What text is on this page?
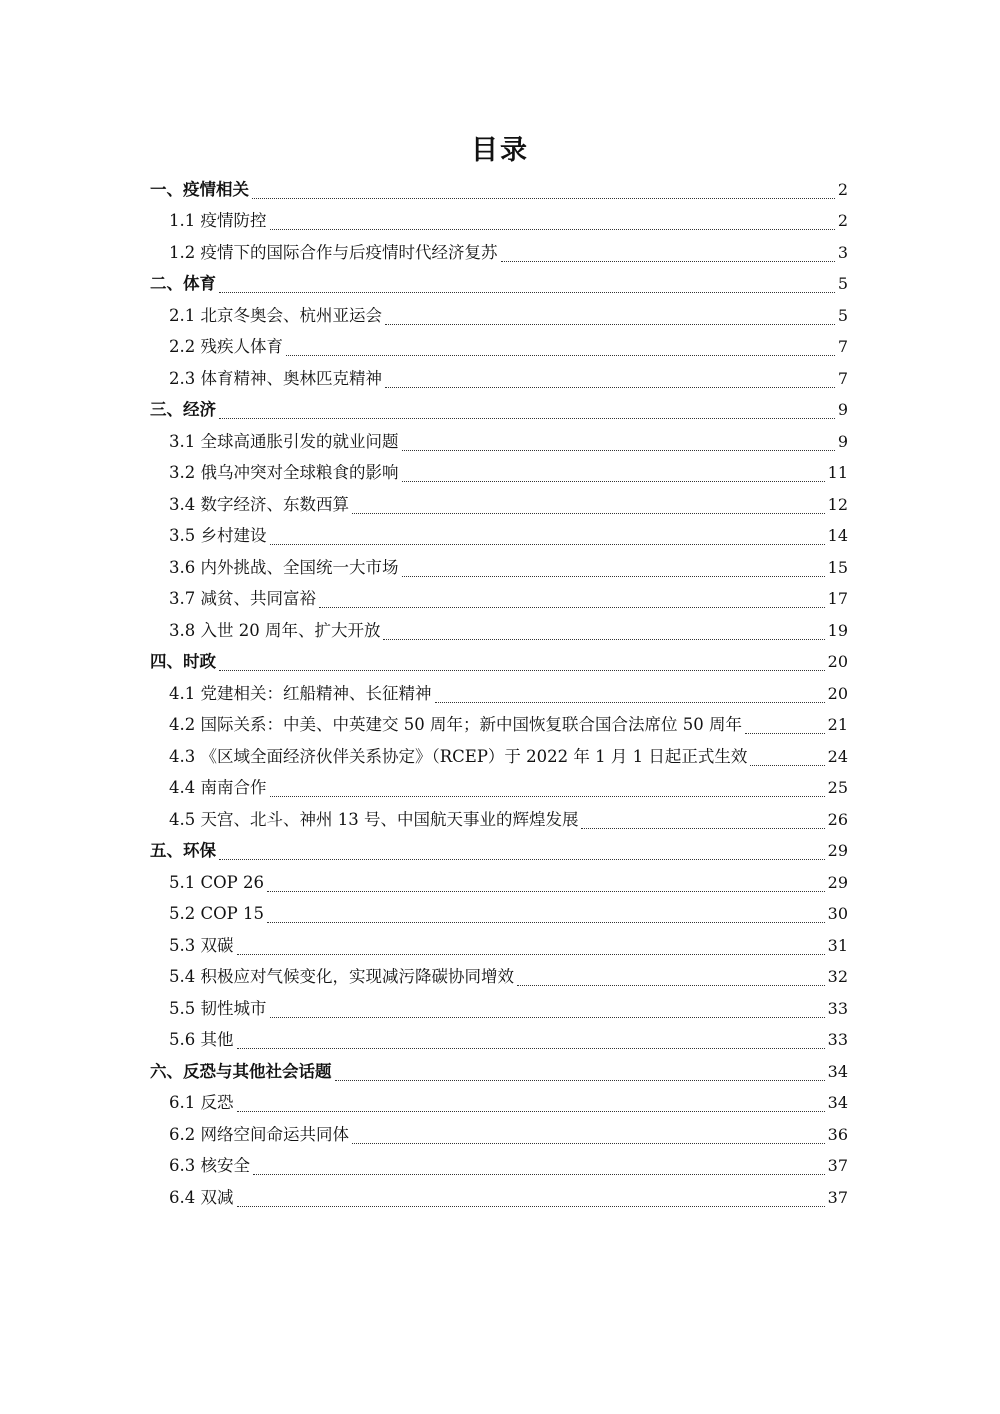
目录
一、疫情相关	2
1.1 疫情防控	2
1.2 疫情下的国际合作与后疫情时代经济复苏	3
二、体育	5
2.1 北京冬奥会、杭州亚运会	5
2.2 残疾人体育	7
2.3 体育精神、奥林匹克精神	7
三、经济	9
3.1 全球高通胀引发的就业问题	9
3.2 俄乌冲突对全球粮食的影响	11
3.4 数字经济、东数西算	12
3.5 乡村建设	14
3.6 内外挑战、全国统一大市场	15
3.7 减贫、共同富裕	17
3.8 入世 20 周年、扩大开放	19
四、时政	20
4.1 党建相关：红船精神、长征精神	20
4.2 国际关系：中美、中英建交 50 周年；新中国恢复联合国合法席位 50 周年	21
4.3 《区域全面经济伙伴关系协定》（RCEP）于 2022 年 1 月 1 日起正式生效	24
4.4 南南合作	25
4.5 天宫、北斗、神州 13 号、中国航天事业的辉煌发展	26
五、环保	29
5.1 COP 26	29
5.2 COP 15	30
5.3 双碳	31
5.4 积极应对气候变化，实现减污降碳协同增效	32
5.5 韧性城市	33
5.6 其他	33
六、反恐与其他社会话题	34
6.1 反恐	34
6.2 网络空间命运共同体	36
6.3 核安全	37
6.4 双减	37
